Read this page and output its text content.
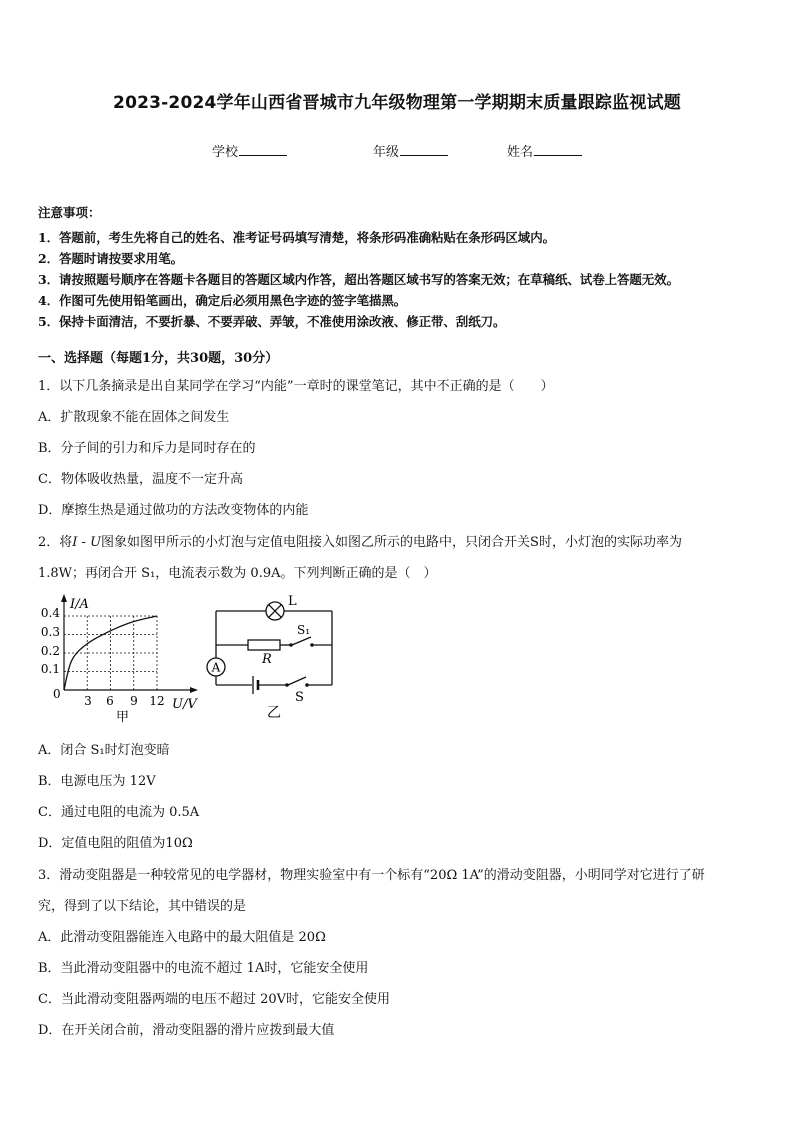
2023-2024学年山西省晋城市九年级物理第一学期期末质量跟踪监视试题
学校	年级	姓名
注意事项：
1．答题前，考生先将自己的姓名、准考证号码填写清楚，将条形码准确粘贴在条形码区域内。
2．答题时请按要求用笔。
3．请按照题号顺序在答题卡各题目的答题区域内作答，超出答题区域书写的答案无效；在草稿纸、试卷上答题无效。
4．作图可先使用铅笔画出，确定后必须用黑色字迹的签字笔描黑。
5．保持卡面清洁，不要折暴、不要弄破、弄皱，不准使用涂改液、修正带、刮纸刀。
一、选择题（每题1分，共30题，30分）
1．以下几条摘录是出自某同学在学习“内能”一章时的课堂笔记，其中不正确的是（　　）
A．扩散现象不能在固体之间发生
B．分子间的引力和斥力是同时存在的
C．物体吸收热量，温度不一定升高
D．摩擦生热是通过做功的方法改变物体的内能
2．将I - U图象如图甲所示的小灯泡与定值电阻接入如图乙所示的电路中，只闭合开关S时，小灯泡的实际功率为
1.8W；再闭合开 S₁，电流表示数为 0.9A。下列判断正确的是（　）
I/A
U/V
0 3 6 9 12
0.1
0.2
0.3
0.4
甲
L
S₁
R
A
S
乙
A．闭合 S₁时灯泡变暗
B．电源电压为 12V
C．通过电阻的电流为 0.5A
D．定值电阻的阻值为10Ω
3．滑动变阻器是一种较常见的电学器材，物理实验室中有一个标有“20Ω 1A”的滑动变阻器，小明同学对它进行了研
究，得到了以下结论，其中错误的是
A．此滑动变阻器能连入电路中的最大阻值是 20Ω
B．当此滑动变阻器中的电流不超过 1A时，它能安全使用
C．当此滑动变阻器两端的电压不超过 20V时，它能安全使用
D．在开关闭合前，滑动变阻器的滑片应拨到最大值
